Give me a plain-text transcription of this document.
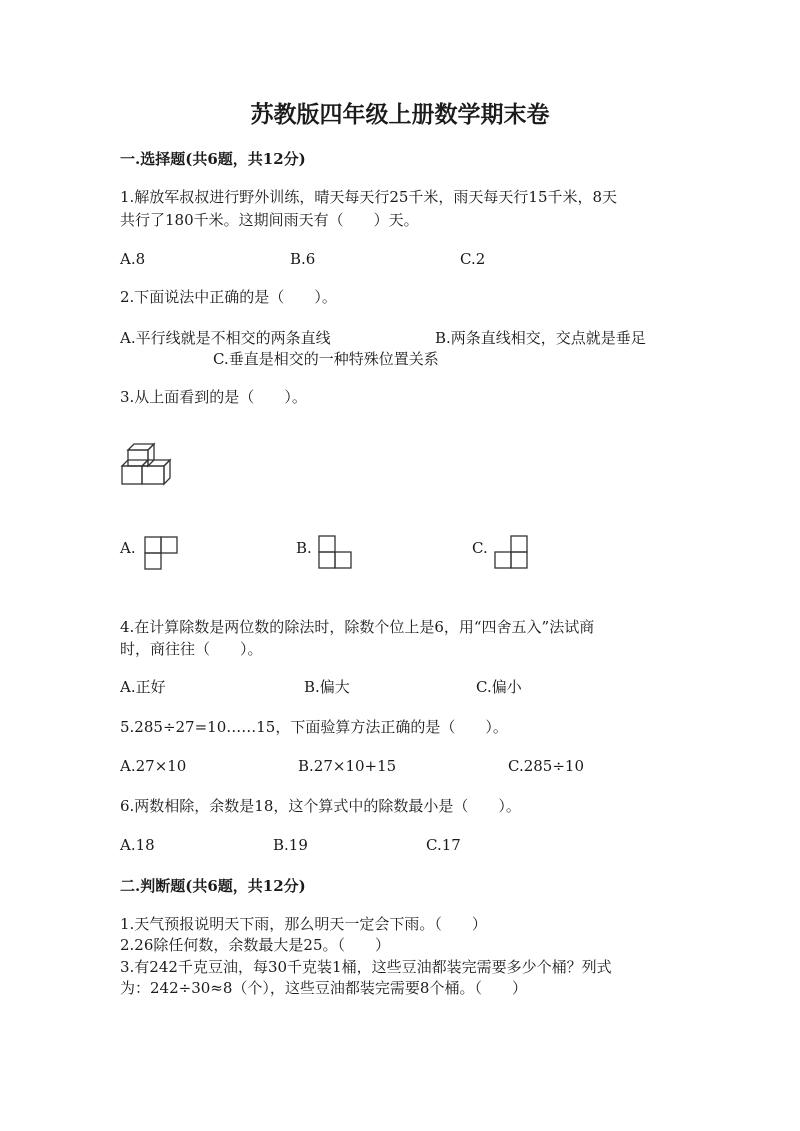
苏教版四年级上册数学期末卷
一.选择题(共6题，共12分)
1.解放军叔叔进行野外训练，晴天每天行25千米，雨天每天行15千米，8天
共行了180千米。这期间雨天有（　　）天。
A.8	B.6	C.2
2.下面说法中正确的是（　　）。
A.平行线就是不相交的两条直线	B.两条直线相交，交点就是垂足
C.垂直是相交的一种特殊位置关系
3.从上面看到的是（　　）。
A.	B.	C.
4.在计算除数是两位数的除法时，除数个位上是6，用“四舍五入”法试商
时，商往往（　　）。
A.正好	B.偏大	C.偏小
5.285÷27=10……15，下面验算方法正确的是（　　）。
A.27×10	B.27×10+15	C.285÷10
6.两数相除，余数是18，这个算式中的除数最小是（　　）。
A.18	B.19	C.17
二.判断题(共6题，共12分)
1.天气预报说明天下雨，那么明天一定会下雨。（　　）
2.26除任何数，余数最大是25。（　　）
3.有242千克豆油，每30千克装1桶，这些豆油都装完需要多少个桶？列式
为：242÷30≈8（个），这些豆油都装完需要8个桶。（　　）
